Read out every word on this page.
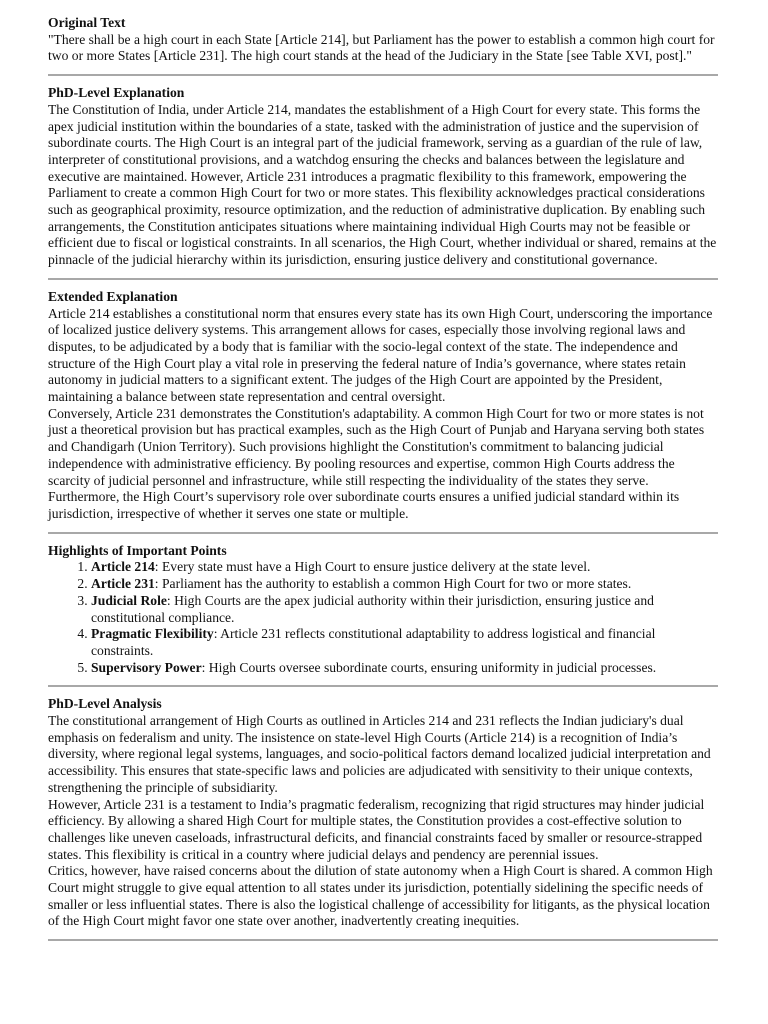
Original Text

"There shall be a high court in each State [Article 214], but Parliament has the power to establish a common high court for two or more States [Article 231]. The high court stands at the head of the Judiciary in the State [see Table XVI, post]."

PhD-Level Explanation

The Constitution of India, under Article 214, mandates the establishment of a High Court for every state. This forms the apex judicial institution within the boundaries of a state, tasked with the administration of justice and the supervision of subordinate courts. The High Court is an integral part of the judicial framework, serving as a guardian of the rule of law, interpreter of constitutional provisions, and a watchdog ensuring the checks and balances between the legislature and executive are maintained. However, Article 231 introduces a pragmatic flexibility to this framework, empowering the Parliament to create a common High Court for two or more states. This flexibility acknowledges practical considerations such as geographical proximity, resource optimization, and the reduction of administrative duplication. By enabling such arrangements, the Constitution anticipates situations where maintaining individual High Courts may not be feasible or efficient due to fiscal or logistical constraints. In all scenarios, the High Court, whether individual or shared, remains at the pinnacle of the judicial hierarchy within its jurisdiction, ensuring justice delivery and constitutional governance.

Extended Explanation

Article 214 establishes a constitutional norm that ensures every state has its own High Court, underscoring the importance of localized justice delivery systems. This arrangement allows for cases, especially those involving regional laws and disputes, to be adjudicated by a body that is familiar with the socio-legal context of the state. The independence and structure of the High Court play a vital role in preserving the federal nature of India’s governance, where states retain autonomy in judicial matters to a significant extent. The judges of the High Court are appointed by the President, maintaining a balance between state representation and central oversight.

Conversely, Article 231 demonstrates the Constitution's adaptability. A common High Court for two or more states is not just a theoretical provision but has practical examples, such as the High Court of Punjab and Haryana serving both states and Chandigarh (Union Territory). Such provisions highlight the Constitution's commitment to balancing judicial independence with administrative efficiency. By pooling resources and expertise, common High Courts address the scarcity of judicial personnel and infrastructure, while still respecting the individuality of the states they serve. Furthermore, the High Court’s supervisory role over subordinate courts ensures a unified judicial standard within its jurisdiction, irrespective of whether it serves one state or multiple.

Highlights of Important Points
1. Article 214: Every state must have a High Court to ensure justice delivery at the state level.
2. Article 231: Parliament has the authority to establish a common High Court for two or more states.
3. Judicial Role: High Courts are the apex judicial authority within their jurisdiction, ensuring justice and constitutional compliance.
4. Pragmatic Flexibility: Article 231 reflects constitutional adaptability to address logistical and financial constraints.
5. Supervisory Power: High Courts oversee subordinate courts, ensuring uniformity in judicial processes.
PhD-Level Analysis

The constitutional arrangement of High Courts as outlined in Articles 214 and 231 reflects the Indian judiciary's dual emphasis on federalism and unity. The insistence on state-level High Courts (Article 214) is a recognition of India’s diversity, where regional legal systems, languages, and socio-political factors demand localized judicial interpretation and accessibility. This ensures that state-specific laws and policies are adjudicated with sensitivity to their unique contexts, strengthening the principle of subsidiarity.

However, Article 231 is a testament to India’s pragmatic federalism, recognizing that rigid structures may hinder judicial efficiency. By allowing a shared High Court for multiple states, the Constitution provides a cost-effective solution to challenges like uneven caseloads, infrastructural deficits, and financial constraints faced by smaller or resource-strapped states. This flexibility is critical in a country where judicial delays and pendency are perennial issues.

Critics, however, have raised concerns about the dilution of state autonomy when a High Court is shared. A common High Court might struggle to give equal attention to all states under its jurisdiction, potentially sidelining the specific needs of smaller or less influential states. There is also the logistical challenge of accessibility for litigants, as the physical location of the High Court might favor one state over another, inadvertently creating inequities.
